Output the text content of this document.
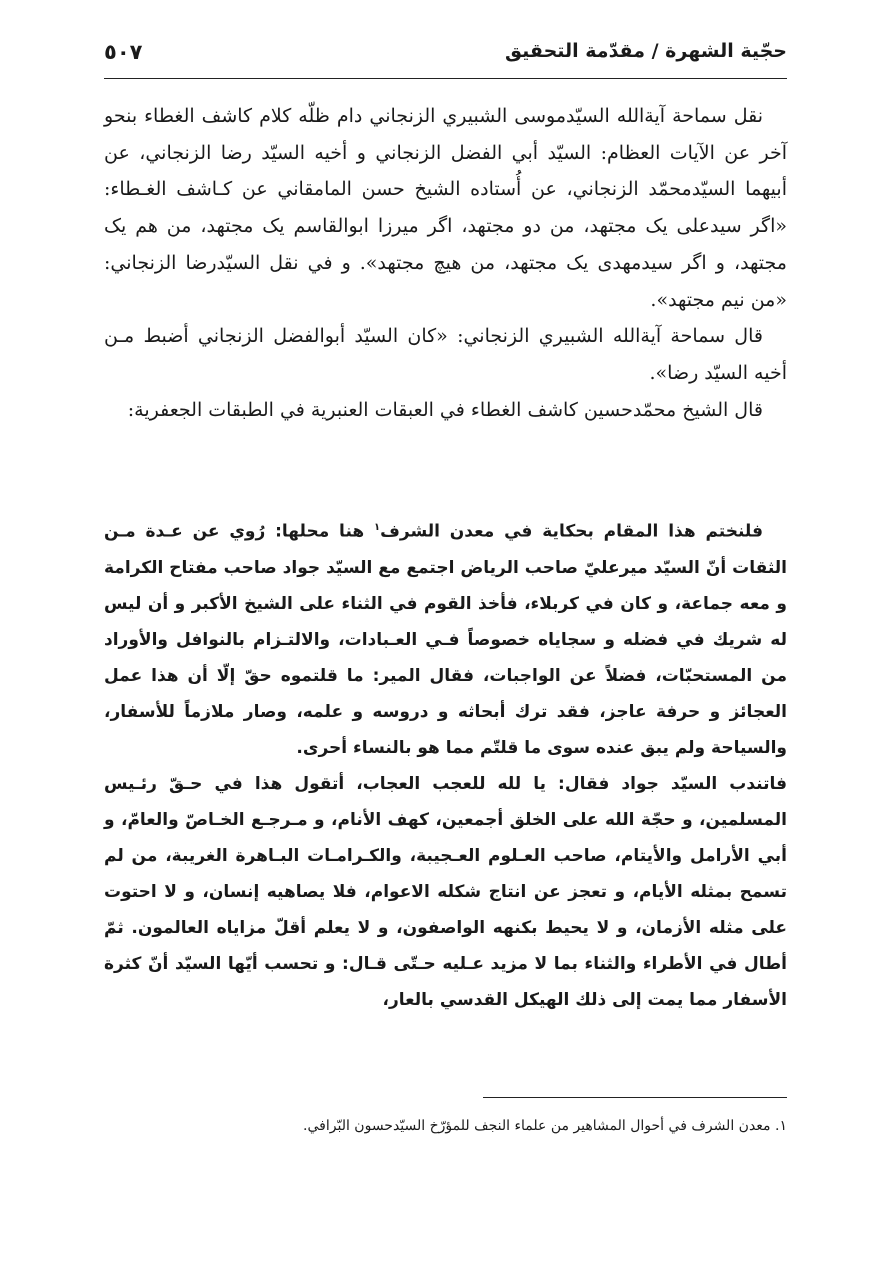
حجّية الشهرة / مقدّمة التحقيق
٥٠٧

نقل سماحة آية‌الله السيّدموسى الشبيري الزنجاني دام ظلّه كلام كاشف الغطاء بنحو آخر عن الآيات العظام: السيّد أبي الفضل الزنجاني و أخيه السيّد رضا الزنجاني، عن أبيهما السيّدمحمّد الزنجاني، عن أُستاده الشيخ حسن المامقاني عن كـاشف الغـطاء: «اگر سيدعلى يک مجتهد، من دو مجتهد، اگر ميرزا ابوالقاسم يک مجتهد، من هم يک مجتهد، و اگر سيدمهدى يک مجتهد، من هيچ مجتهد». و في نقل السيّدرضا الزنجاني: «من نيم مجتهد».

قال سماحة آية‌الله الشبيري الزنجاني: «كان السيّد أبوالفضل الزنجاني أضبط مـن أخيه السيّد رضا».

قال الشيخ محمّدحسين كاشف الغطاء في العبقات العنبرية في الطبقات الجعفرية:

فلنختم هذا المقام بحكاية في معدن الشرف$^١$ هنا محلها: رُوي عن عـدة مـن الثقات أنّ السيّد ميرعليّ صاحب الرياض اجتمع مع السيّد جواد صاحب مفتاح الكرامة و معه جماعة، و كان في كربلاء، فأخذ القوم في الثناء على الشيخ الأكبر و أن ليس له شريك في فضله و سجاياه خصوصاً فـي العـبادات، والالتـزام بالنوافل والأوراد من المستحبّات، فضلاً عن الواجبات، فقال المير: ما قلتموه حقّ إلّا أن هذا عمل العجائز و حرفة عاجز، فقد ترك أبحاثه و دروسه و علمه، وصار ملازماً للأسفار، والسياحة ولم يبق عنده سوى ما قلتّم مما هو بالنساء أحرى.

فاتندب السيّد جواد فقال: يا لله للعجب العجاب، أتقول هذا في حـقّ رئـيس المسلمين، و حجّة الله على الخلق أجمعين، كهف الأنام، و مـرجـع الخـاصّ والعامّ، و أبي الأرامل والأيتام، صاحب العـلوم العـجيبة، والكـرامـات البـاهرة الغريبة، من لم تسمح بمثله الأيام، و تعجز عن انتاج شكله الاعوام، فلا يصاهيه إنسان، و لا احتوت على مثله الأزمان، و لا يحيط بكنهه الواصفون، و لا يعلم أقلّ مزاياه العالمون. ثمّ أطال في الأطراء والثناء بما لا مزيد عـليه حـتّى قـال: و تحسب أيّها السيّد أنّ كثرة الأسفار مما يمت إلى ذلك الهيكل القدسي بالعار،

١. معدن الشرف في أحوال المشاهير من علماء النجف للمؤرّخ السيّدحسون البّرافي.
